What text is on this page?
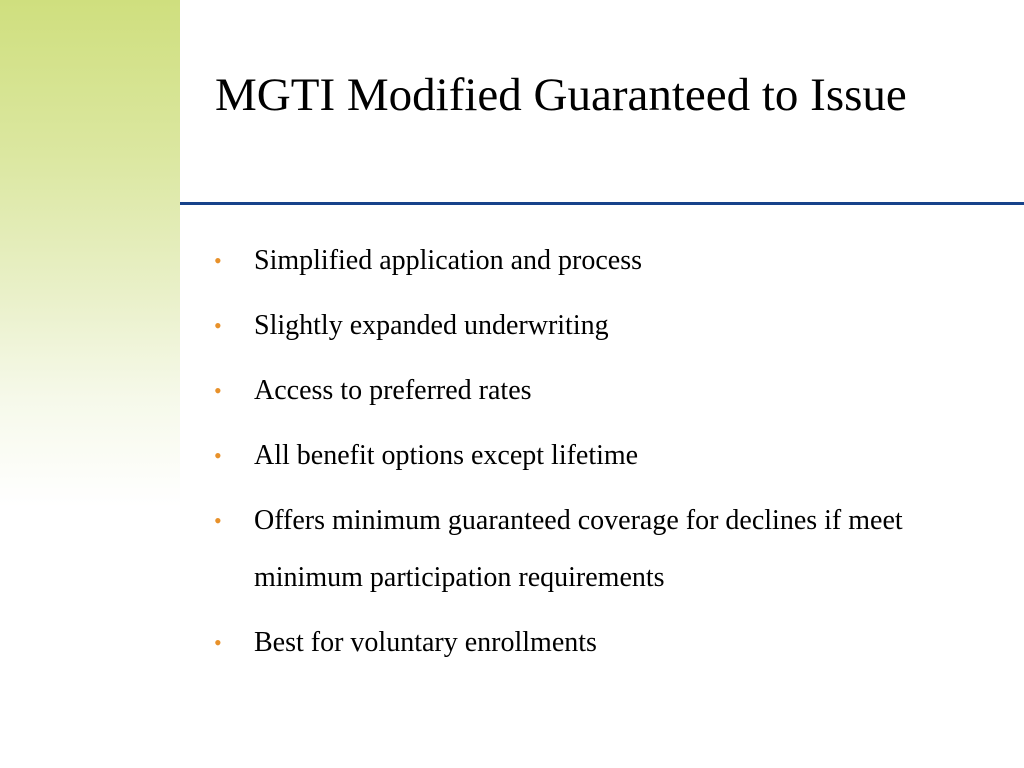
MGTI Modified Guaranteed to Issue
• Simplified application and process
• Slightly expanded underwriting
• Access to preferred rates
• All benefit options except lifetime
• Offers minimum guaranteed coverage for declines if meet minimum participation requirements
• Best for voluntary enrollments
